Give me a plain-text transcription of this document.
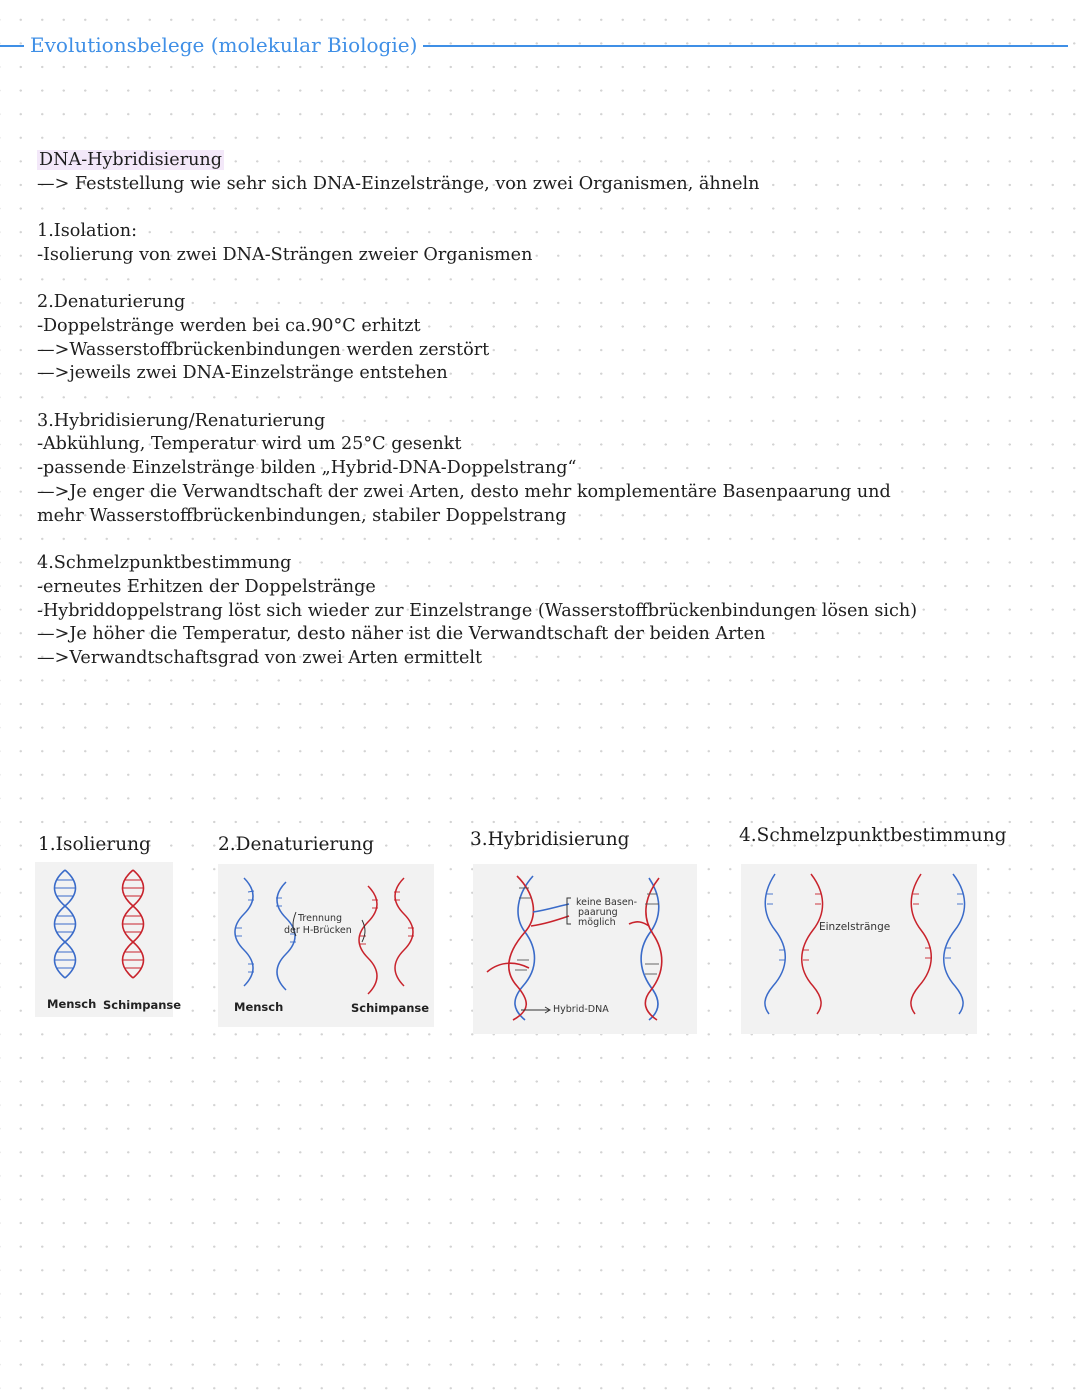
Evolutionsbelege (molekular Biologie)
DNA-Hybridisierung
—> Feststellung wie sehr sich DNA-Einzelstränge, von zwei Organismen, ähneln
1.Isolation:
-Isolierung von zwei DNA-Strängen zweier Organismen
2.Denaturierung
-Doppelstränge werden bei ca.90°C erhitzt
—>Wasserstoffbrückenbindungen werden zerstört
—>jeweils zwei DNA-Einzelstränge entstehen
3.Hybridisierung/Renaturierung
-Abkühlung, Temperatur wird um 25°C gesenkt
-passende Einzelstränge bilden „Hybrid-DNA-Doppelstrang“
—>Je enger die Verwandtschaft der zwei Arten, desto mehr komplementäre Basenpaarung und mehr Wasserstoffbrückenbindungen, stabiler Doppelstrang
4.Schmelzpunktbestimmung
-erneutes Erhitzen der Doppelstränge
-Hybriddoppelstrang löst sich wieder zur Einzelstrange (Wasserstoffbrückenbindungen lösen sich)
—>Je höher die Temperatur, desto näher ist die Verwandtschaft der beiden Arten
—>Verwandtschaftsgrad von zwei Arten ermittelt
1.Isolierung	2.Denaturierung	3.Hybridisierung	4.Schmelzpunktbestimmung
Mensch Schimpanse
Trennung
der H-Brücken
Mensch	Schimpanse
keine Basen-
paarung
möglich
Hybrid-DNA
Einzelstränge
